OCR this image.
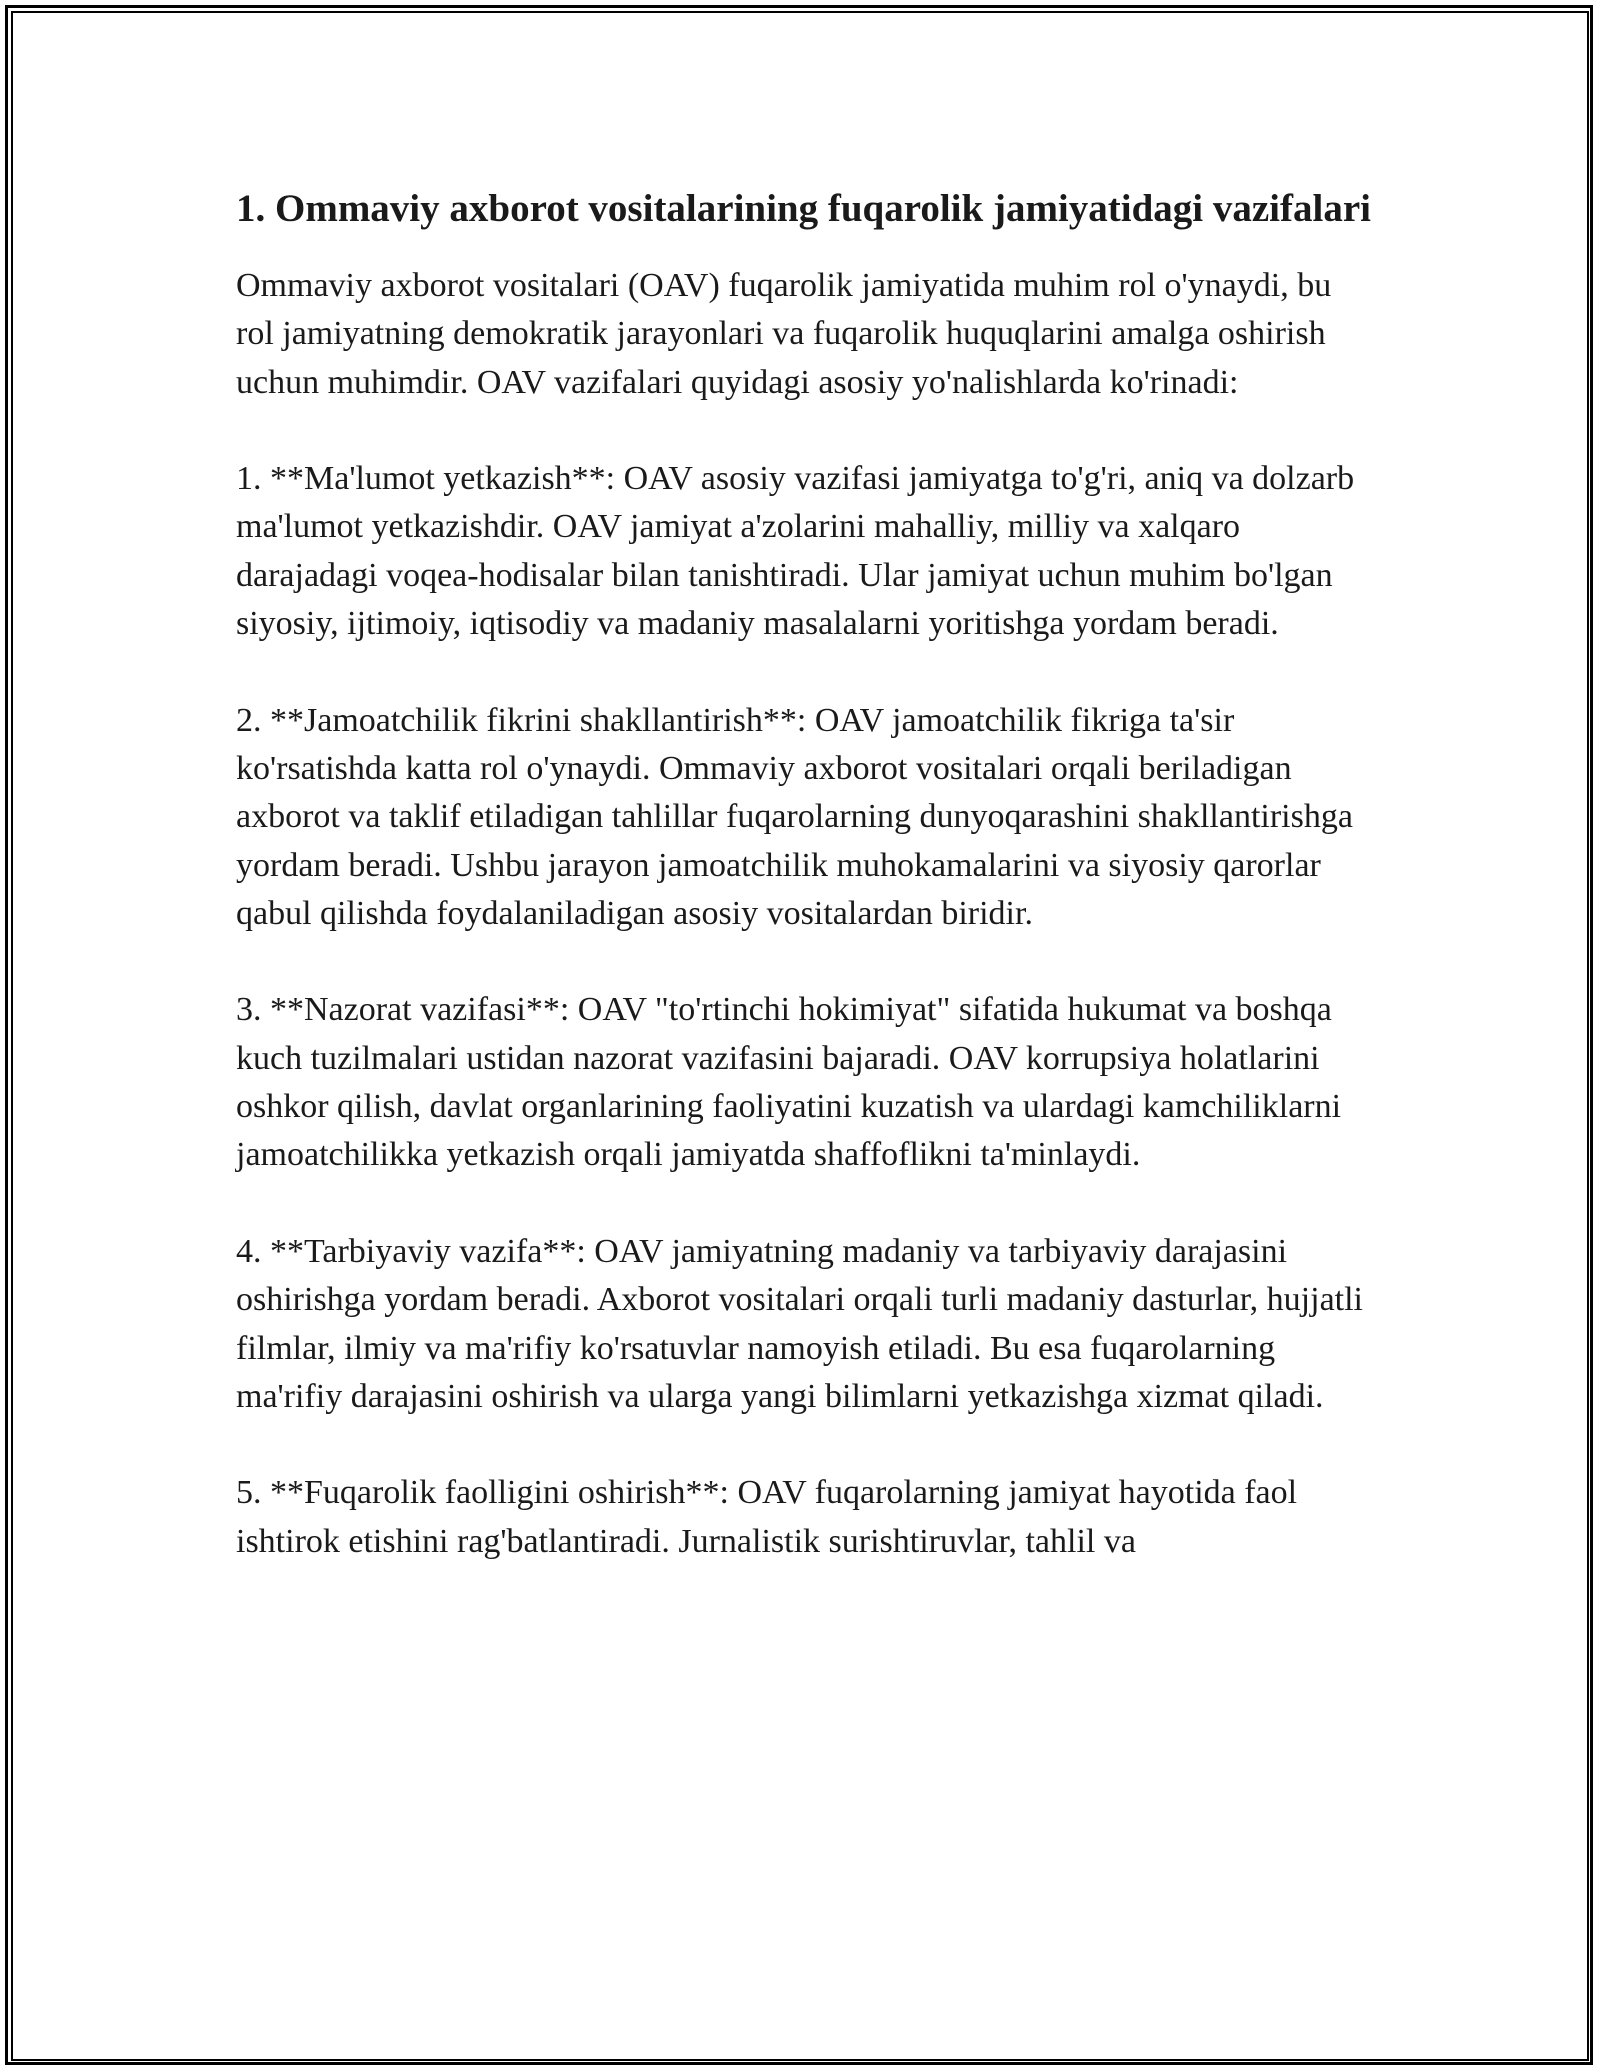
1. Ommaviy axborot vositalarining fuqarolik jamiyatidagi vazifalari

Ommaviy axborot vositalari (OAV) fuqarolik jamiyatida muhim rol o'ynaydi, bu rol jamiyatning demokratik jarayonlari va fuqarolik huquqlarini amalga oshirish uchun muhimdir. OAV vazifalari quyidagi asosiy yo'nalishlarda ko'rinadi:

1. **Ma'lumot yetkazish**: OAV asosiy vazifasi jamiyatga to'g'ri, aniq va dolzarb ma'lumot yetkazishdir. OAV jamiyat a'zolarini mahalliy, milliy va xalqaro darajadagi voqea-hodisalar bilan tanishtiradi. Ular jamiyat uchun muhim bo'lgan siyosiy, ijtimoiy, iqtisodiy va madaniy masalalarni yoritishga yordam beradi.

2. **Jamoatchilik fikrini shakllantirish**: OAV jamoatchilik fikriga ta'sir ko'rsatishda katta rol o'ynaydi. Ommaviy axborot vositalari orqali beriladigan axborot va taklif etiladigan tahlillar fuqarolarning dunyoqarashini shakllantirishga yordam beradi. Ushbu jarayon jamoatchilik muhokamalarini va siyosiy qarorlar qabul qilishda foydalaniladigan asosiy vositalardan biridir.

3. **Nazorat vazifasi**: OAV "to'rtinchi hokimiyat" sifatida hukumat va boshqa kuch tuzilmalari ustidan nazorat vazifasini bajaradi. OAV korrupsiya holatlarini oshkor qilish, davlat organlarining faoliyatini kuzatish va ulardagi kamchiliklarni jamoatchilikka yetkazish orqali jamiyatda shaffoflikni ta'minlaydi.

4. **Tarbiyaviy vazifa**: OAV jamiyatning madaniy va tarbiyaviy darajasini oshirishga yordam beradi. Axborot vositalari orqali turli madaniy dasturlar, hujjatli filmlar, ilmiy va ma'rifiy ko'rsatuvlar namoyish etiladi. Bu esa fuqarolarning ma'rifiy darajasini oshirish va ularga yangi bilimlarni yetkazishga xizmat qiladi.

5. **Fuqarolik faolligini oshirish**: OAV fuqarolarning jamiyat hayotida faol ishtirok etishini rag'batlantiradi. Jurnalistik surishtiruvlar, tahlil va
